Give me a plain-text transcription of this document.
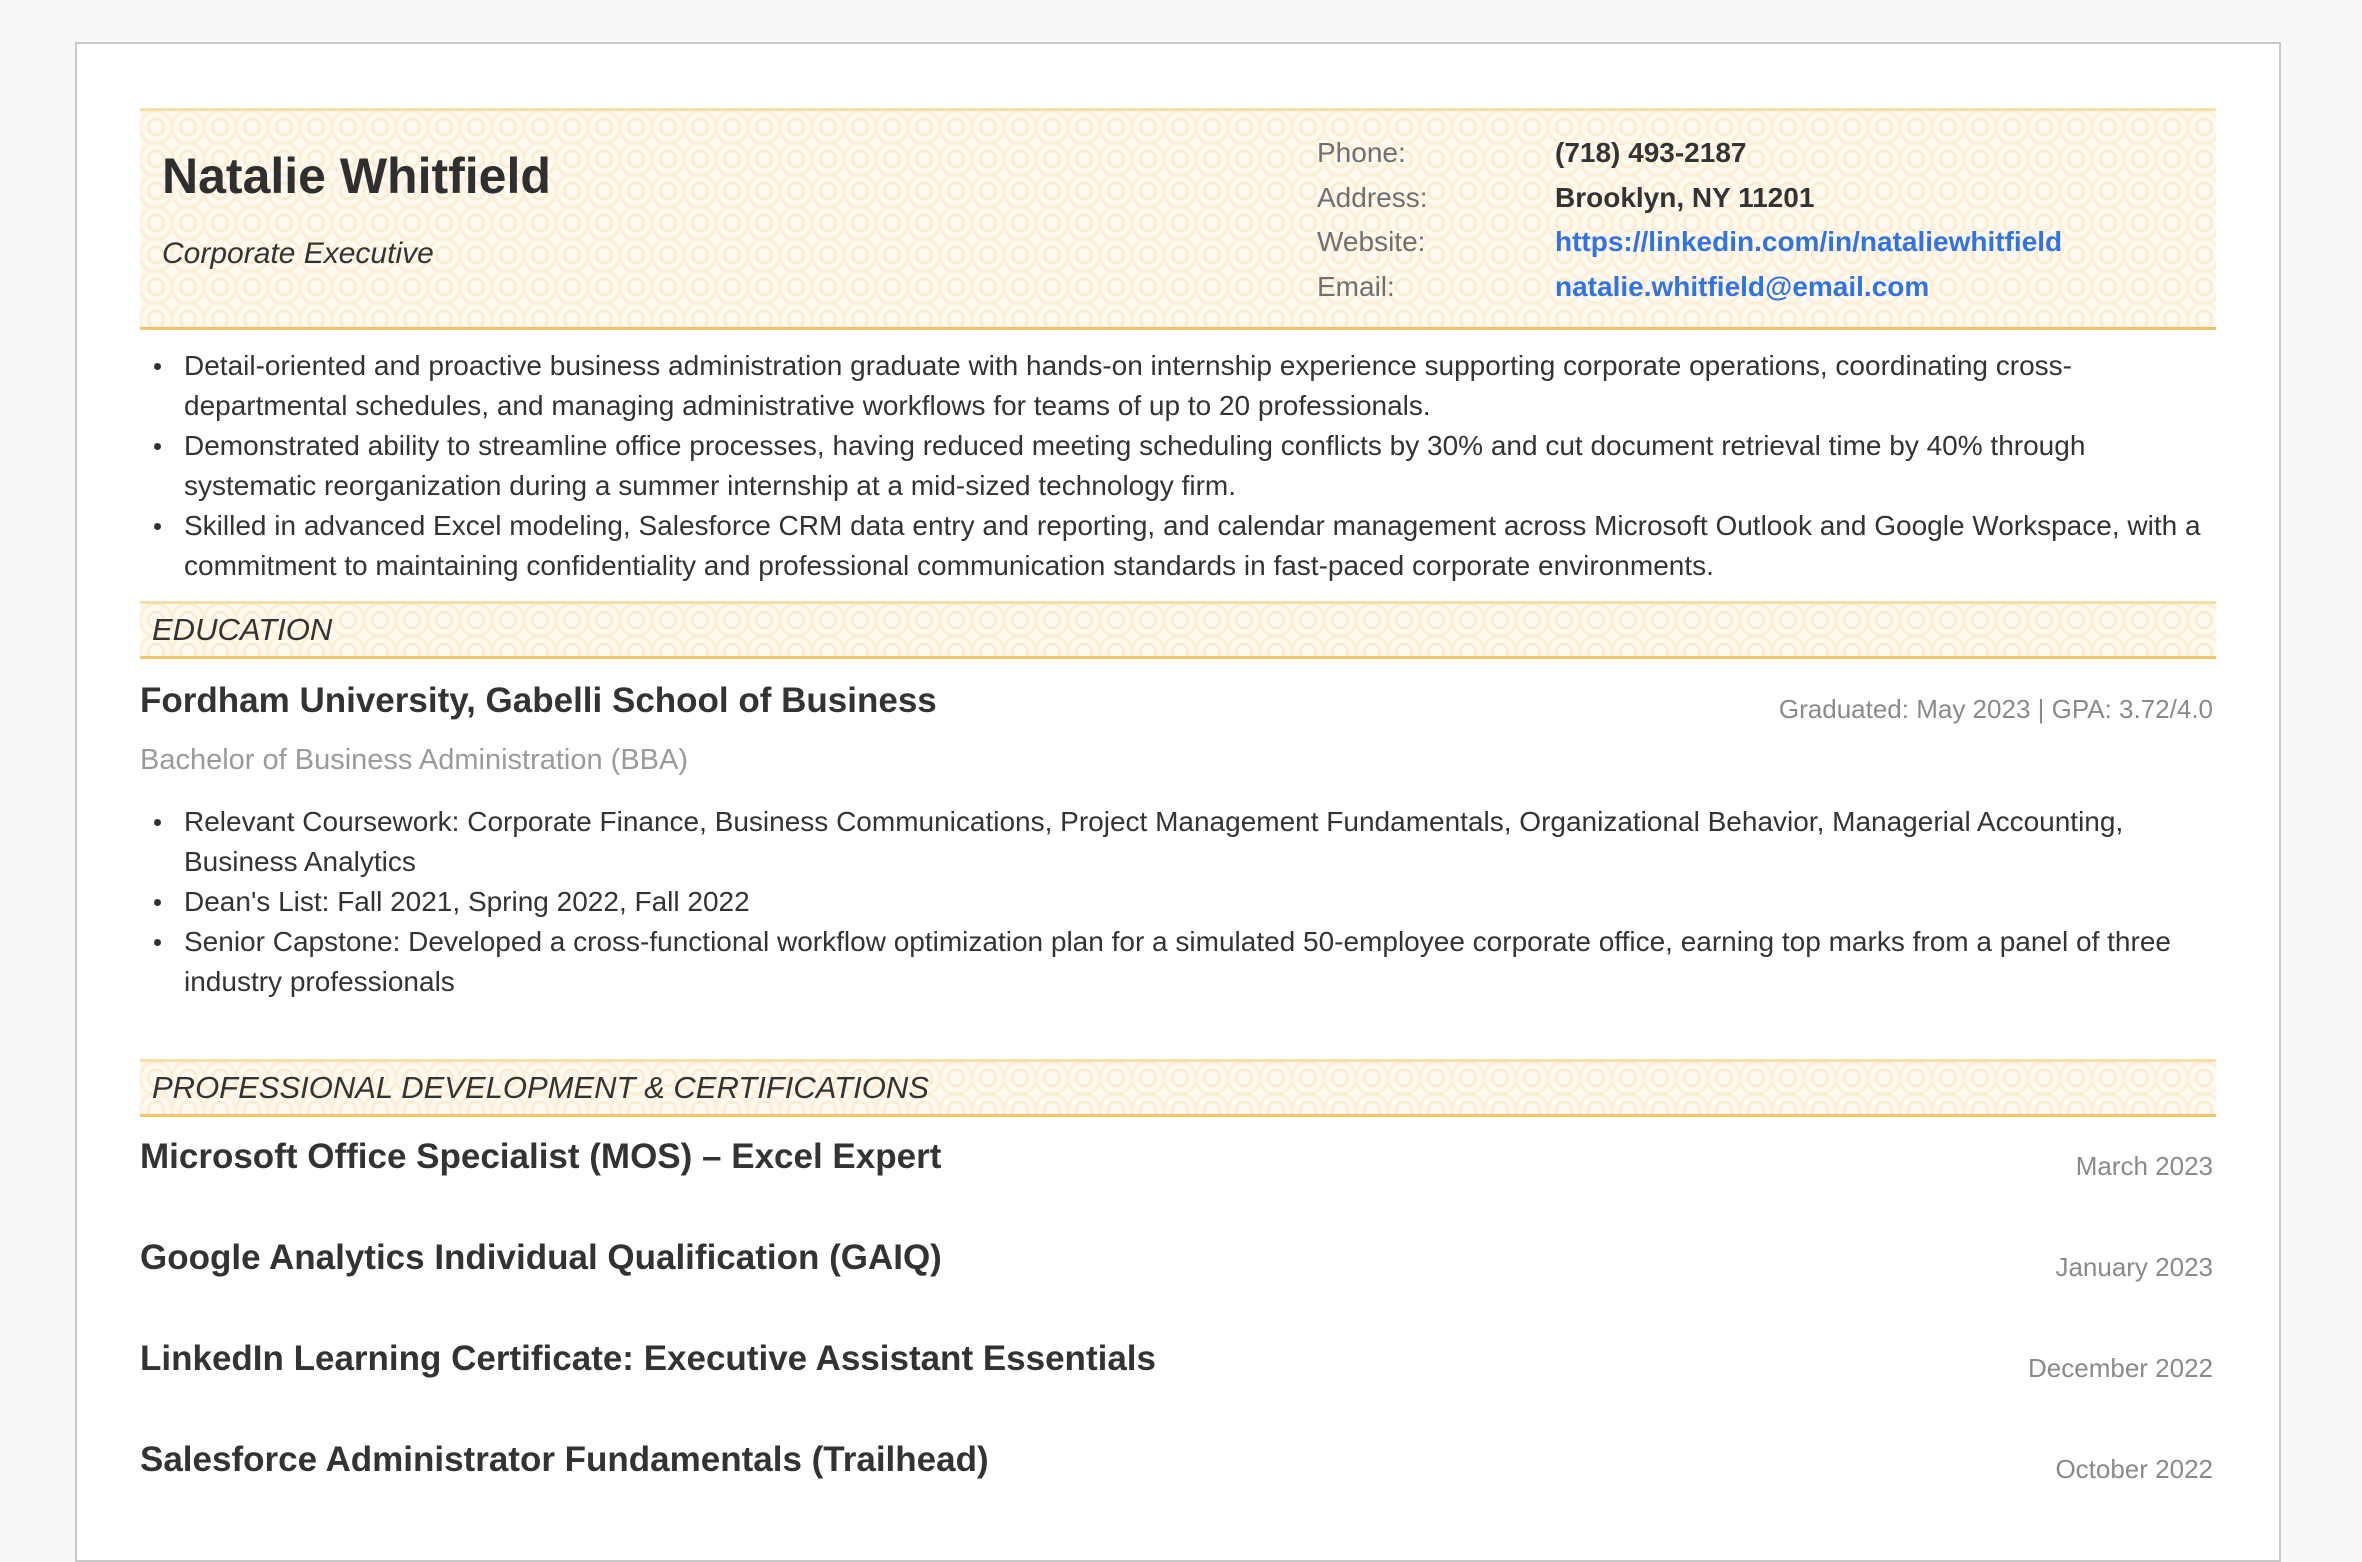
Natalie Whitfield
Corporate Executive
Phone:	(718) 493-2187
Address:	Brooklyn, NY 11201
Website:	https://linkedin.com/in/nataliewhitfield
Email:	natalie.whitfield@email.com
Detail-oriented and proactive business administration graduate with hands-on internship experience supporting corporate operations, coordinating cross-departmental schedules, and managing administrative workflows for teams of up to 20 professionals.
Demonstrated ability to streamline office processes, having reduced meeting scheduling conflicts by 30% and cut document retrieval time by 40% through systematic reorganization during a summer internship at a mid-sized technology firm.
Skilled in advanced Excel modeling, Salesforce CRM data entry and reporting, and calendar management across Microsoft Outlook and Google Workspace, with a commitment to maintaining confidentiality and professional communication standards in fast-paced corporate environments.
EDUCATION
Fordham University, Gabelli School of Business	Graduated: May 2023 | GPA: 3.72/4.0
Bachelor of Business Administration (BBA)
Relevant Coursework: Corporate Finance, Business Communications, Project Management Fundamentals, Organizational Behavior, Managerial Accounting, Business Analytics
Dean's List: Fall 2021, Spring 2022, Fall 2022
Senior Capstone: Developed a cross-functional workflow optimization plan for a simulated 50-employee corporate office, earning top marks from a panel of three industry professionals
PROFESSIONAL DEVELOPMENT & CERTIFICATIONS
Microsoft Office Specialist (MOS) – Excel Expert	March 2023
Google Analytics Individual Qualification (GAIQ)	January 2023
LinkedIn Learning Certificate: Executive Assistant Essentials	December 2022
Salesforce Administrator Fundamentals (Trailhead)	October 2022
